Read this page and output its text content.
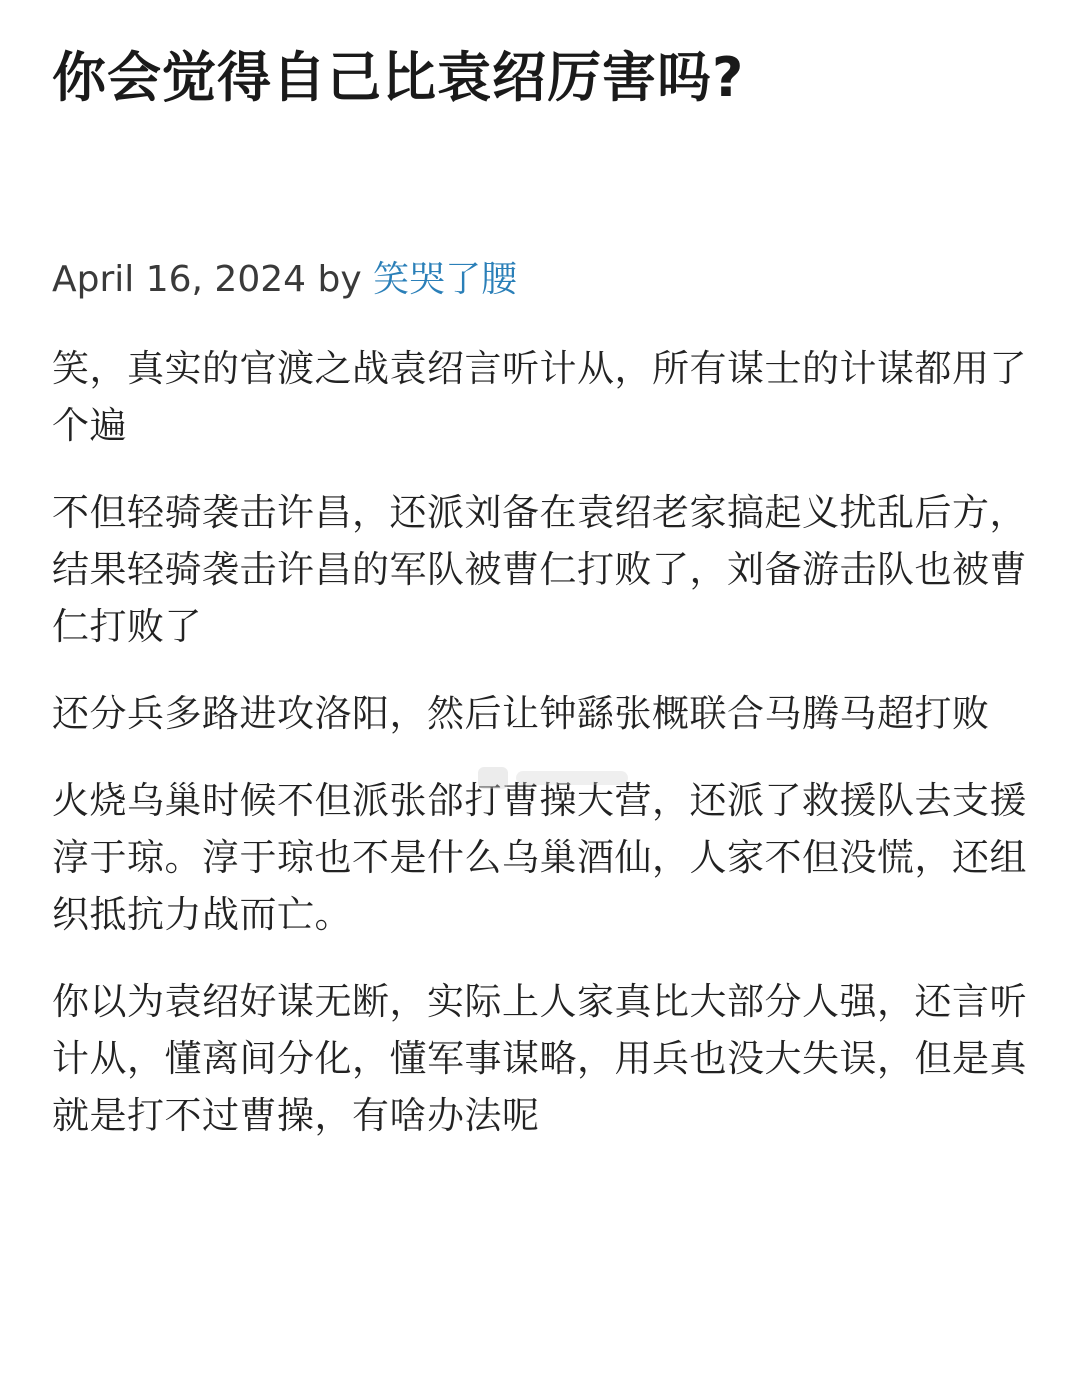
你会觉得自己比袁绍厉害吗?
April 16, 2024 by 笑哭了腰

笑，真实的官渡之战袁绍言听计从，所有谋士的计谋都用了个遍

不但轻骑袭击许昌，还派刘备在袁绍老家搞起义扰乱后方，结果轻骑袭击许昌的军队被曹仁打败了，刘备游击队也被曹仁打败了

还分兵多路进攻洛阳，然后让钟繇张概联合马腾马超打败

火烧乌巢时候不但派张郃打曹操大营，还派了救援队去支援淳于琼。淳于琼也不是什么乌巢酒仙，人家不但没慌，还组织抵抗力战而亡。

你以为袁绍好谋无断，实际上人家真比大部分人强，还言听计从，懂离间分化，懂军事谋略，用兵也没大失误，但是真就是打不过曹操，有啥办法呢
